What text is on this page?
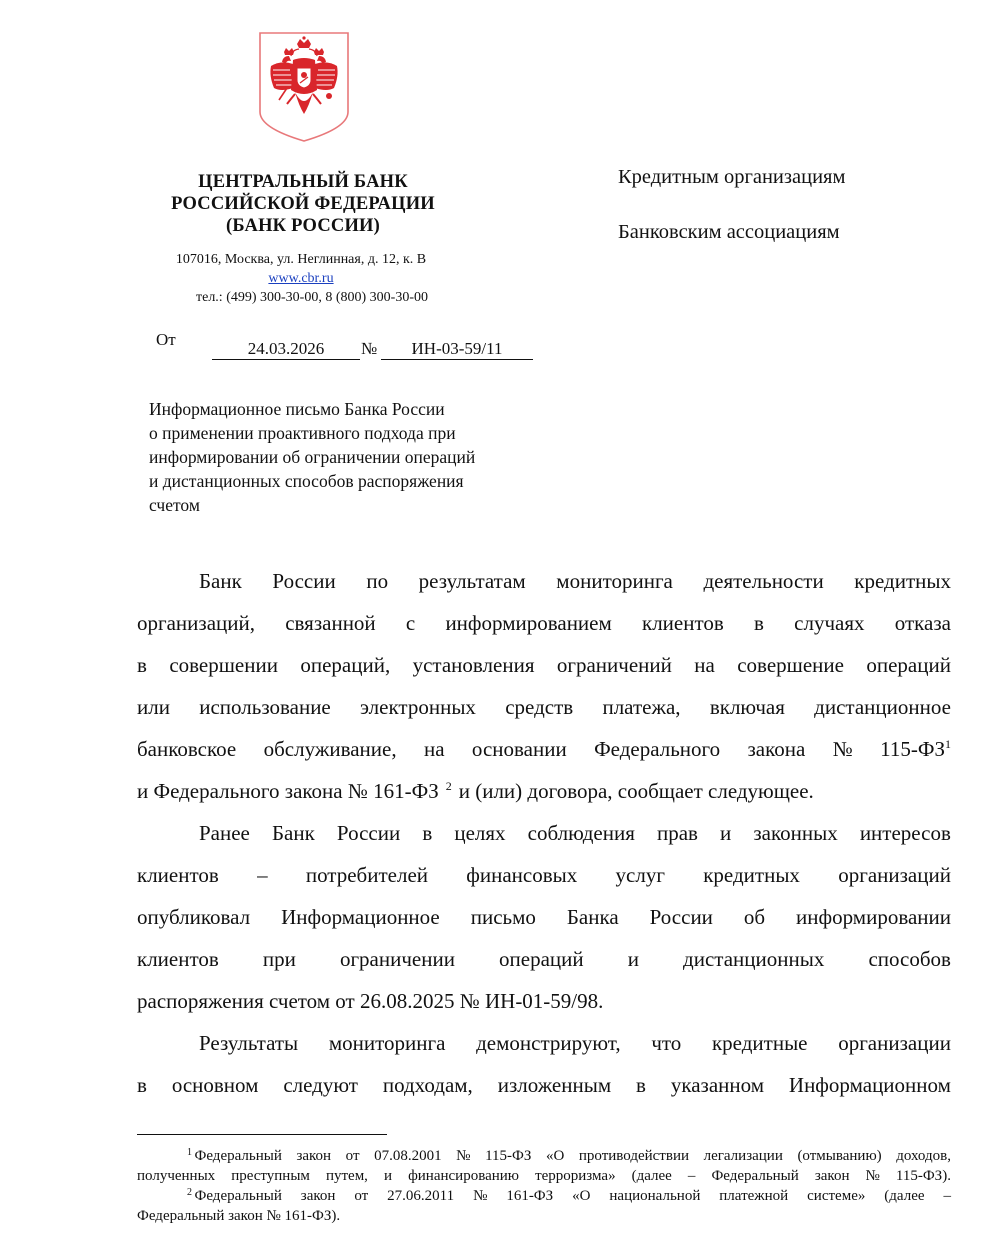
ЦЕНТРАЛЬНЫЙ БАНК
РОССИЙСКОЙ ФЕДЕРАЦИИ
(БАНК РОССИИ)
107016, Москва, ул. Неглинная, д. 12, к. В
www.cbr.ru
тел.: (499) 300-30-00, 8 (800) 300-30-00
Кредитным организациям
Банковским ассоциациям
От	24.03.2026	№	ИН-03-59/11
Информационное письмо Банка России
о применении проактивного подхода при
информировании об ограничении операций
и дистанционных способов распоряжения
счетом
Банк России по результатам мониторинга деятельности кредитных
организаций, связанной с информированием клиентов в случаях отказа
в совершении операций, установления ограничений на совершение операций
или использование электронных средств платежа, включая дистанционное
банковское обслуживание, на основании Федерального закона № $115-ФЗ^1$
и Федерального закона № 161-ФЗ $^2$ и (или) договора, сообщает следующее.
Ранее Банк России в целях соблюдения прав и законных интересов
клиентов – потребителей финансовых услуг кредитных организаций
опубликовал Информационное письмо Банка России об информировании
клиентов при ограничении операций и дистанционных способов
распоряжения счетом от 26.08.2025 № ИН-01-59/98.
Результаты мониторинга демонстрируют, что кредитные организации
в основном следуют подходам, изложенным в указанном Информационном
$^1$ Федеральный закон от 07.08.2001 № 115-ФЗ «О противодействии легализации (отмыванию) доходов,
полученных преступным путем, и финансированию терроризма» (далее – Федеральный закон № 115-ФЗ).
$^2$ Федеральный закон от 27.06.2011 № 161-ФЗ «О национальной платежной системе» (далее –
Федеральный закон № 161-ФЗ).
